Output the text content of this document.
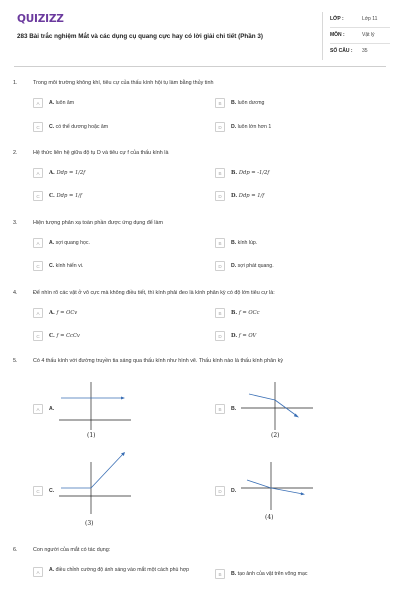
QUIZIZZ
283 Bài trắc nghiệm Mắt và các dụng cụ quang cực hay có lời giải chi tiết (Phần 3)
LỚP :	Lớp 11
MÔN :	Vật lý
SỐ CÂU : 35
1.	Trong môi trường không khí, tiêu cự của thấu kính hội tụ làm bằng thủy tinh
A	A. luôn âm	B	B. luôn dương
C	C. có thể dương hoặc âm	D	D. luôn lớn hơn 1
2.	Hệ thức liên hệ giữa độ tụ D và tiêu cự f của thấu kính là
A	A. Ddp = 1/2f	B	B. Ddp = -1/2f
C	C. Ddp = 1/f	D	D. Ddp = 1/f
3.	Hiện tượng phản xạ toàn phần được ứng dụng để làm
A	A. sợi quang học.	B	B. kính lúp.
C	C. kính hiển vi.	D	D. sợi phát quang.
4.	Để nhìn rõ các vật ở vô cực mà không điều tiết, thì kính phải đeo là kính phân kỳ có độ lớn tiêu cự là:
A	A. f = OCv	B	B. f = OCc
C	C. f = CcCv	D	D. f = OV
5.	Có 4 thấu kính với đường truyền tia sáng qua thấu kính như hình vẽ. Thấu kính nào là thấu kính phân kỳ
A	A.
(1)
B	B.
(2)
C	C.
(3)
D	D.
(4)
6.	Con người của mắt có tác dụng:
A	A. điều chỉnh cường độ ánh sáng vào mắt một cách phù hợp
B	B. tạo ảnh của vật trên võng mạc
